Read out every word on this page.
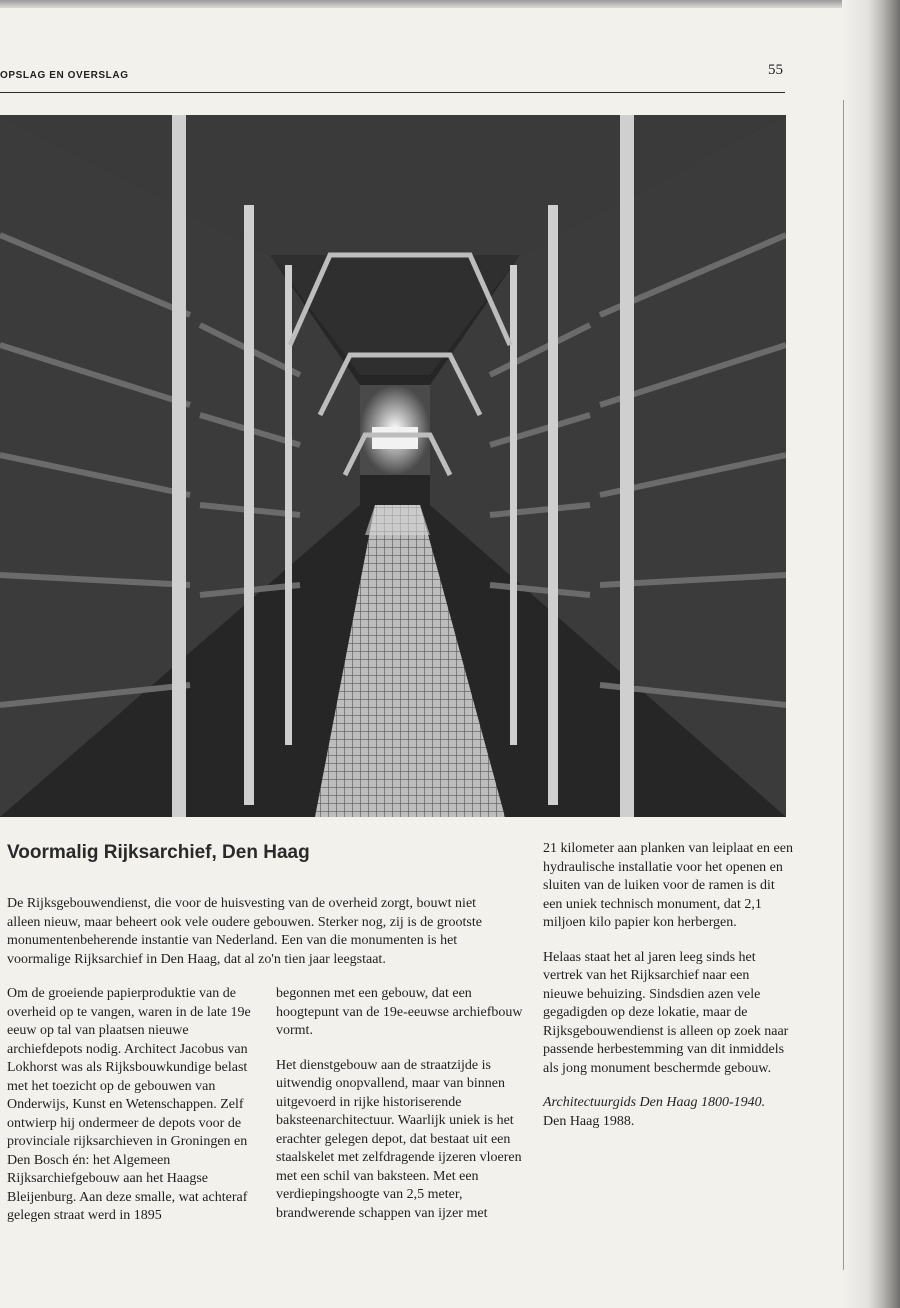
OPSLAG EN OVERSLAG	55
Voormalig Rijksarchief, Den Haag

De Rijksgebouwendienst, die voor de huisvesting van de overheid zorgt, bouwt niet alleen nieuw, maar beheert ook vele oudere gebouwen. Sterker nog, zij is de grootste monumentenbeherende instantie van Nederland. Een van die monumenten is het voormalige Rijksarchief in Den Haag, dat al zo'n tien jaar leegstaat.

Om de groeiende papierproduktie van de overheid op te vangen, waren in de late 19e eeuw op tal van plaatsen nieuwe archiefdepots nodig. Architect Jacobus van Lokhorst was als Rijksbouwkundige belast met het toezicht op de gebouwen van Onderwijs, Kunst en Wetenschappen. Zelf ontwierp hij ondermeer de depots voor de provinciale rijksarchieven in Groningen en Den Bosch én: het Algemeen Rijksarchiefgebouw aan het Haagse Bleijenburg. Aan deze smalle, wat achteraf gelegen straat werd in 1895

begonnen met een gebouw, dat een hoogtepunt van de 19e-eeuwse archiefbouw vormt.

Het dienstgebouw aan de straatzijde is uitwendig onopvallend, maar van binnen uitgevoerd in rijke historiserende baksteenarchitectuur. Waarlijk uniek is het erachter gelegen depot, dat bestaat uit een staalskelet met zelfdragende ijzeren vloeren met een schil van baksteen. Met een verdiepingshoogte van 2,5 meter, brandwerende schappen van ijzer met

21 kilometer aan planken van leiplaat en een hydraulische installatie voor het openen en sluiten van de luiken voor de ramen is dit een uniek technisch monument, dat 2,1 miljoen kilo papier kon herbergen.

Helaas staat het al jaren leeg sinds het vertrek van het Rijksarchief naar een nieuwe behuizing. Sindsdien azen vele gegadigden op deze lokatie, maar de Rijksgebouwendienst is alleen op zoek naar passende herbestemming van dit inmiddels als jong monument beschermde gebouw.

Architectuurgids Den Haag 1800-1940.
Den Haag 1988.
